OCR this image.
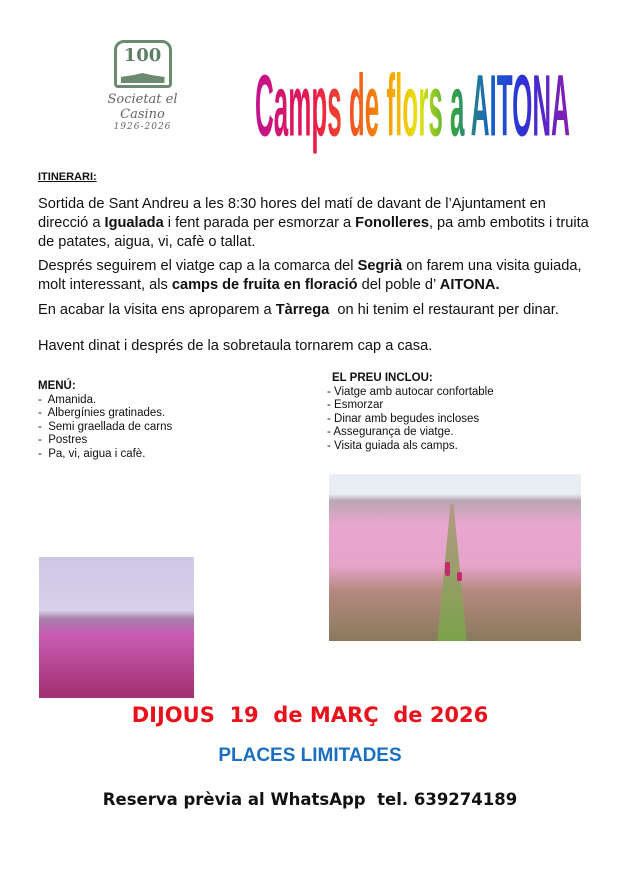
100
Societat el Casino
1926-2026	Camps de flors a AITONA
ITINERARI:
Sortida de Sant Andreu a les 8:30 hores del matí de davant de l’Ajuntament en direcció a Igualada i fent parada per esmorzar a Fonolleres, pa amb embotits i truita de patates, aigua, vi, cafè o tallat.
Després seguirem el viatge cap a la comarca del Segrià on farem una visita guiada, molt interessant, als camps de fruita en floració del poble d’ AITONA.
En acabar la visita ens aproparem a Tàrrega  on hi tenim el restaurant per dinar.
Havent dinat i després de la sobretaula tornarem cap a casa.
MENÚ:
-  Amanida.
-  Albergínies gratinades.
-  Semi graellada de carns
-  Postres
-  Pa, vi, aigua i cafè.
EL PREU INCLOU:
- Viatge amb autocar confortable
- Esmorzar
- Dinar amb begudes incloses
- Assegurança de viatge.
- Visita guiada als camps.
DIJOUS  19  de MARÇ  de 2026
PLACES LIMITADES
Reserva prèvia al WhatsApp  tel. 639274189
